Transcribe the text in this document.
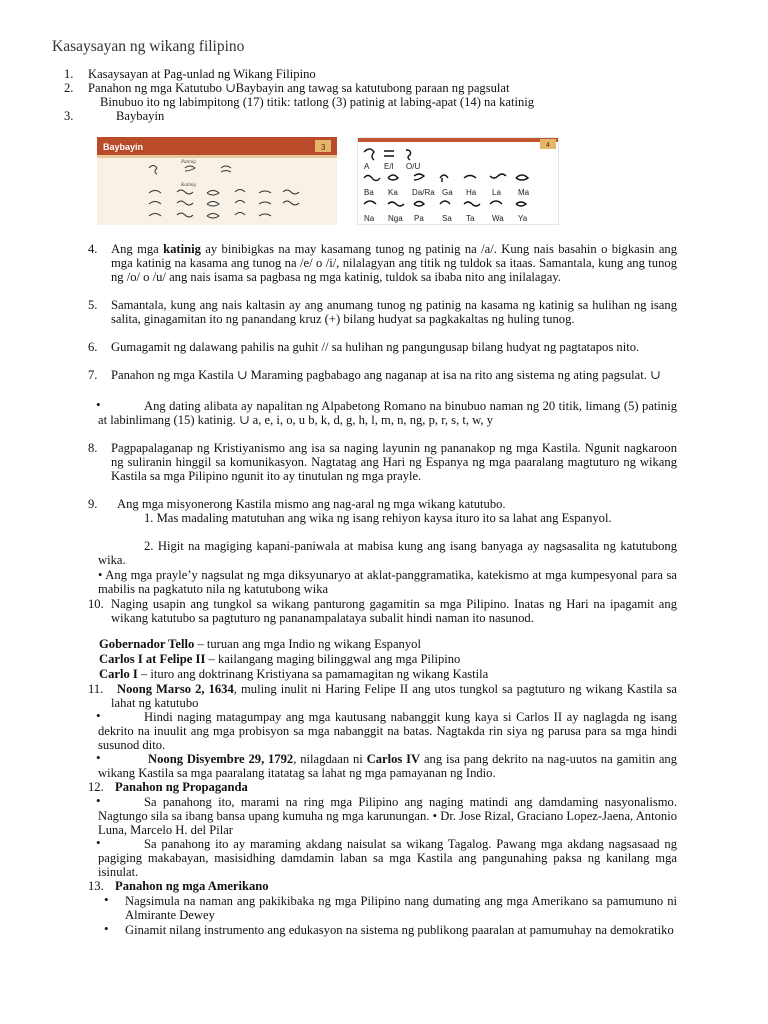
Kasaysayan ng wikang filipino
1. Kasaysayan at Pag-unlad ng Wikang Filipino
2. Panahon ng mga Katutubo ∪Baybayin ang tawag sa katutubong paraan ng pagsulat
Binubuo ito ng labimpitong (17) titik: tatlong (3) patinig at labing-apat (14) na katinig
3.	Baybayin
3
Baybayin
Patinig
Katinig
4
A E/I O/U
Ba Ka Da/Ra Ga Ha La Ma
Na Nga Pa Sa Ta Wa Ya
4. Ang mga katinig ay binibigkas na may kasamang tunog ng patinig na /a/. Kung nais basahin o bigkasin ang mga katinig na kasama ang tunog na /e/ o /i/, nilalagyan ang titik ng tuldok sa itaas. Samantala, kung ang tunog ng /o/ o /u/ ang nais isama sa pagbasa ng mga katinig, tuldok sa ibaba nito ang inilalagay.
5. Samantala, kung ang nais kaltasin ay ang anumang tunog ng patinig na kasama ng katinig sa hulihan ng isang salita, ginagamitan ito ng panandang kruz (+) bilang hudyat sa pagkakaltas ng huling tunog.
6. Gumagamit ng dalawang pahilis na guhit // sa hulihan ng pangungusap bilang hudyat ng pagtatapos nito.
7. Panahon ng mga Kastila ∪ Maraming pagbabago ang naganap at isa na rito ang sistema ng ating pagsulat. ∪
•	Ang dating alibata ay napalitan ng Alpabetong Romano na binubuo naman ng 20 titik, limang (5) patinig at labinlimang (15) katinig. ∪ a, e, i, o, u b, k, d, g, h, l, m, n, ng, p, r, s, t, w, y
8. Pagpapalaganap ng Kristiyanismo ang isa sa naging layunin ng pananakop ng mga Kastila. Ngunit nagkaroon ng suliranin hinggil sa komunikasyon. Nagtatag ang Hari ng Espanya ng mga paaralang magtuturo ng wikang Kastila sa mga Pilipino ngunit ito ay tinutulan ng mga prayle.
9. Ang mga misyonerong Kastila mismo ang nag-aral ng mga wikang katutubo.
1. Mas madaling matutuhan ang wika ng isang rehiyon kaysa ituro ito sa lahat ang Espanyol.
2. Higit na magiging kapani-paniwala at mabisa kung ang isang banyaga ay nagsasalita ng katutubong wika.
• Ang mga prayle’y nagsulat ng mga diksyunaryo at aklat-panggramatika, katekismo at mga kumpesyonal para sa mabilis na pagkatuto nila ng katutubong wika
10. Naging usapin ang tungkol sa wikang panturong gagamitin sa mga Pilipino. Inatas ng Hari na ipagamit ang wikang katutubo sa pagtuturo ng pananampalataya subalit hindi naman ito nasunod.
Gobernador Tello – turuan ang mga Indio ng wikang Espanyol
Carlos I at Felipe II – kailangang maging bilinggwal ang mga Pilipino
Carlo I – ituro ang doktrinang Kristiyana sa pamamagitan ng wikang Kastila
11. Noong Marso 2, 1634, muling inulit ni Haring Felipe II ang utos tungkol sa pagtuturo ng wikang Kastila sa lahat ng katutubo
•	Hindi naging matagumpay ang mga kautusang nabanggit kung kaya si Carlos II ay naglagda ng isang dekrito na inuulit ang mga probisyon sa mga nabanggit na batas. Nagtakda rin siya ng parusa para sa mga hindi susunod dito.
•	Noong Disyembre 29, 1792, nilagdaan ni Carlos IV ang isa pang dekrito na nag-uutos na gamitin ang wikang Kastila sa mga paaralang itatatag sa lahat ng mga pamayanan ng Indio.
12. Panahon ng Propaganda
•	Sa panahong ito, marami na ring mga Pilipino ang naging matindi ang damdaming nasyonalismo. Nagtungo sila sa ibang bansa upang kumuha ng mga karunungan. • Dr. Jose Rizal, Graciano Lopez-Jaena, Antonio Luna, Marcelo H. del Pilar
•	Sa panahong ito ay maraming akdang naisulat sa wikang Tagalog. Pawang mga akdang nagsasaad ng pagiging makabayan, masisidhing damdamin laban sa mga Kastila ang pangunahing paksa ng kanilang mga isinulat.
13. Panahon ng mga Amerikano
• Nagsimula na naman ang pakikibaka ng mga Pilipino nang dumating ang mga Amerikano sa pamumuno ni Almirante Dewey
• Ginamit nilang instrumento ang edukasyon na sistema ng publikong paaralan at pamumuhay na demokratiko
